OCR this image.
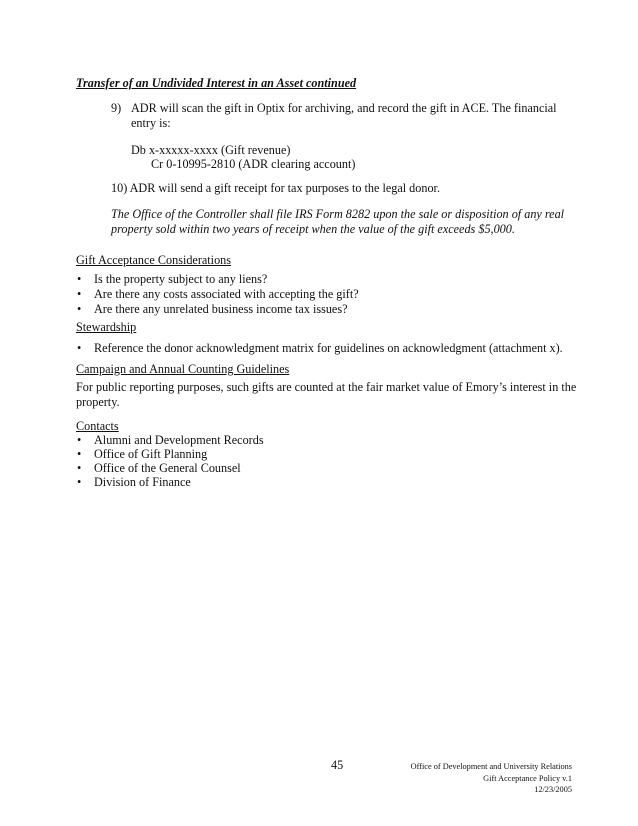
Transfer of an Undivided Interest in an Asset continued
9) ADR will scan the gift in Optix for archiving, and record the gift in ACE. The financial
entry is:
Db x-xxxxx-xxxx (Gift revenue)
Cr 0-10995-2810 (ADR clearing account)
10) ADR will send a gift receipt for tax purposes to the legal donor.
The Office of the Controller shall file IRS Form 8282 upon the sale or disposition of any real
property sold within two years of receipt when the value of the gift exceeds $5,000.
Gift Acceptance Considerations
• Is the property subject to any liens?
• Are there any costs associated with accepting the gift?
• Are there any unrelated business income tax issues?
Stewardship
• Reference the donor acknowledgment matrix for guidelines on acknowledgment (attachment x).
Campaign and Annual Counting Guidelines
For public reporting purposes, such gifts are counted at the fair market value of Emory’s interest in the
property.
Contacts
• Alumni and Development Records
• Office of Gift Planning
• Office of the General Counsel
• Division of Finance
45	Office of Development and University Relations
Gift Acceptance Policy v.1
12/23/2005
